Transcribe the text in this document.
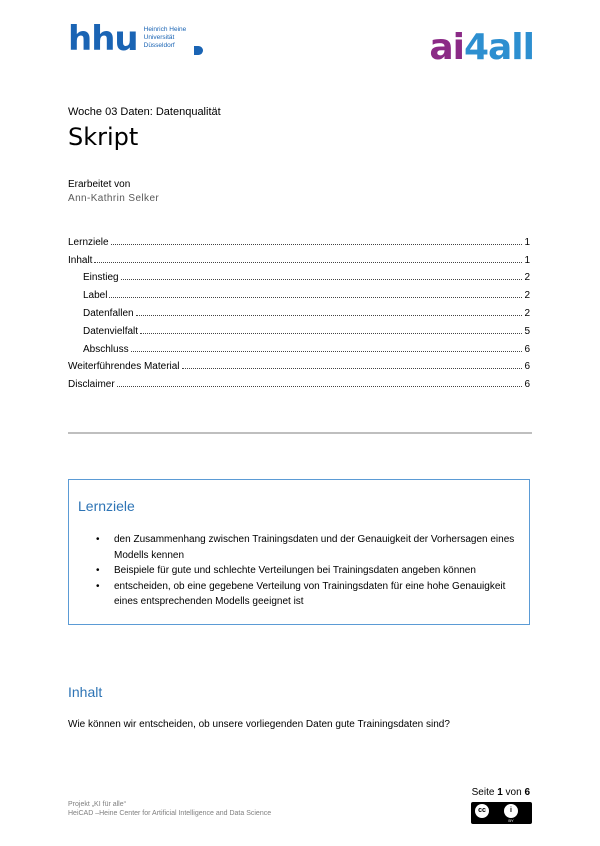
hhu Heinrich Heine
Universität
Düsseldorf	ai4all
Woche 03 Daten: Datenqualität
Skript
Erarbeitet von
Ann-Kathrin Selker
Lernziele	1
Inhalt	1
Einstieg	2
Label	2
Datenfallen	2
Datenvielfalt	5
Abschluss	6
Weiterführendes Material	6
Disclaimer	6
Lernziele
• den Zusammenhang zwischen Trainingsdaten und der Genauigkeit der Vorhersagen eines Modells kennen
• Beispiele für gute und schlechte Verteilungen bei Trainingsdaten angeben können
• entscheiden, ob eine gegebene Verteilung von Trainingsdaten für eine hohe Genauigkeit eines entsprechenden Modells geeignet ist
Inhalt
Wie können wir entscheiden, ob unsere vorliegenden Daten gute Trainingsdaten sind?
Seite 1 von 6
cc	i
BY
Projekt „KI für alle“
HeiCAD –Heine Center for Artificial Intelligence and Data Science
